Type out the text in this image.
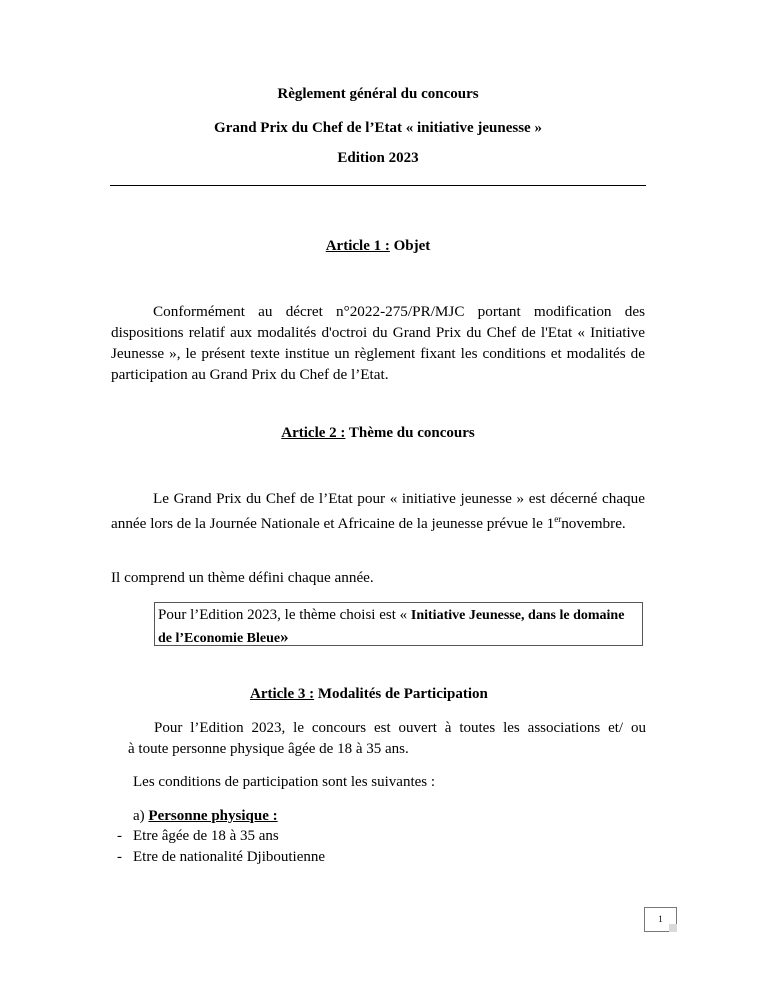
Règlement général du concours
Grand Prix du Chef de l’Etat « initiative jeunesse »
Edition 2023
Article 1 : Objet
Conformément au décret n°2022-275/PR/MJC portant modification des dispositions relatif aux modalités d'octroi du Grand Prix du Chef de l'Etat « Initiative Jeunesse », le présent texte institue un règlement fixant les conditions et modalités de participation au Grand Prix du Chef de l’Etat.
Article 2 : Thème du concours
Le Grand Prix du Chef de l’Etat pour « initiative jeunesse » est décerné chaque année lors de la Journée Nationale et Africaine de la jeunesse prévue le 1ernovembre.
Il comprend un thème défini chaque année.
Pour l’Edition 2023, le thème choisi est « Initiative Jeunesse, dans le domaine de l’Economie Bleue»
Article 3 : Modalités de Participation
Pour l’Edition 2023, le concours est ouvert à toutes les associations et/ ou
à toute personne physique âgée de 18 à 35 ans.
Les conditions de participation sont les suivantes :
a) Personne physique :
- Etre âgée de 18 à 35 ans
- Etre de nationalité Djiboutienne
1
